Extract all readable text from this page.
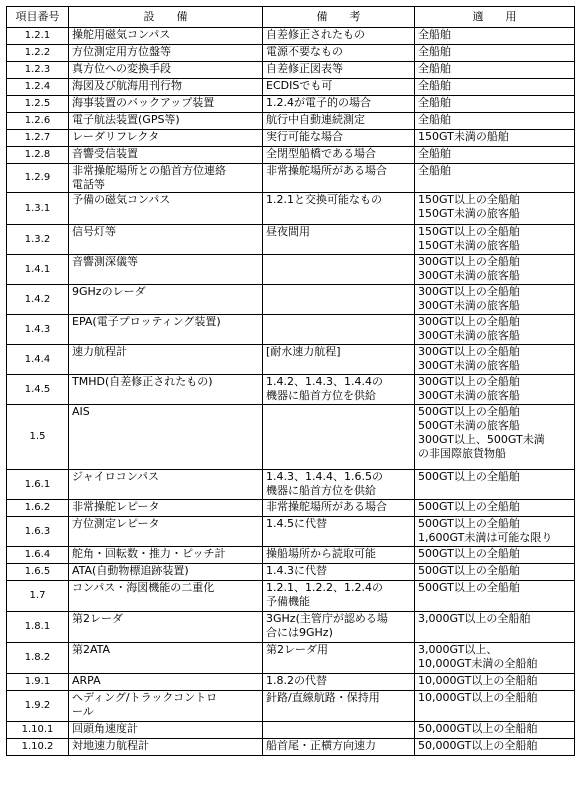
項目番号	設　　備	備　　考	適　　用
1.2.1	操舵用磁気コンパス	自差修正されたもの	全船舶
1.2.2	方位測定用方位盤等	電源不要なもの	全船舶
1.2.3	真方位への変換手段	自差修正図表等	全船舶
1.2.4	海図及び航海用刊行物	ECDISでも可	全船舶
1.2.5	海事装置のバックアップ装置	1.2.4が電子的の場合	全船舶
1.2.6	電子航法装置(GPS等)	航行中自動連続測定	全船舶
1.2.7	レーダリフレクタ	実行可能な場合	150GT未満の船舶
1.2.8	音響受信装置	全閉型船橋である場合	全船舶
1.2.9	非常操舵場所との船首方位連絡
電話等	非常操舵場所がある場合	全船舶
1.3.1	予備の磁気コンパス	1.2.1と交換可能なもの	150GT以上の全船舶
150GT未満の旅客船
1.3.2	信号灯等	昼夜間用	150GT以上の全船舶
150GT未満の旅客船
1.4.1	音響測深儀等		300GT以上の全船舶
300GT未満の旅客船
1.4.2	9GHzのレーダ		300GT以上の全船舶
300GT未満の旅客船
1.4.3	EPA(電子プロッティング装置)		300GT以上の全船舶
300GT未満の旅客船
1.4.4	速力航程計	[耐水速力航程]	300GT以上の全船舶
300GT未満の旅客船
1.4.5	TMHD(自差修正されたもの)	1.4.2、1.4.3、1.4.4の
機器に船首方位を供給	300GT以上の全船舶
300GT未満の旅客船
1.5	AIS		500GT以上の全船舶
500GT未満の旅客船
300GT以上、500GT未満
の非国際旅貨物船
1.6.1	ジャイロコンパス	1.4.3、1.4.4、1.6.5の
機器に船首方位を供給	500GT以上の全船舶
1.6.2	非常操舵レピータ	非常操舵場所がある場合	500GT以上の全船舶
1.6.3	方位測定レピータ	1.4.5に代替	500GT以上の全船舶
1,600GT未満は可能な限り
1.6.4	舵角・回転数・推力・ピッチ計	操船場所から読取可能	500GT以上の全船舶
1.6.5	ATA(自動物標追跡装置)	1.4.3に代替	500GT以上の全船舶
1.7	コンパス・海図機能の二重化	1.2.1、1.2.2、1.2.4の
予備機能	500GT以上の全船舶
1.8.1	第2レーダ	3GHz(主管庁が認める場
合には9GHz)	3,000GT以上の全船舶
1.8.2	第2ATA	第2レーダ用	3,000GT以上、
10,000GT未満の全船舶
1.9.1	ARPA	1.8.2の代替	10,000GT以上の全船舶
1.9.2	ヘディング/トラックコントロ
ール	針路/直線航路・保持用	10,000GT以上の全船舶
1.10.1	回頭角速度計		50,000GT以上の全船舶
1.10.2	対地速力航程計	船首尾・正横方向速力	50,000GT以上の全船舶
